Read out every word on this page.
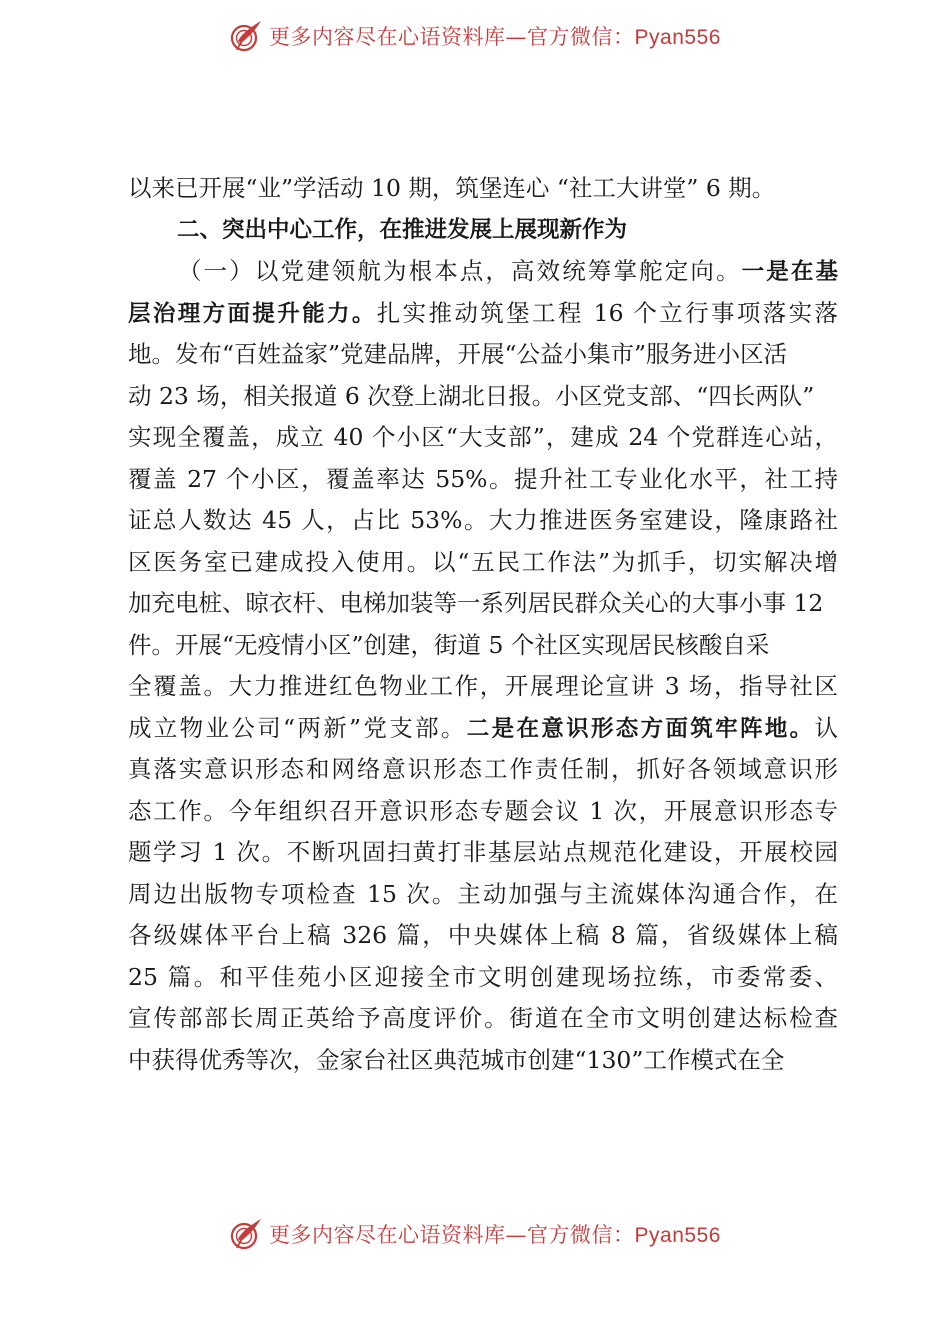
更多内容尽在心语资料库—官方微信：Pyan556
以来已开展“业”学活动 10 期，筑堡连心 “社工大讲堂” 6 期。
二、突出中心工作，在推进发展上展现新作为
（一）以党建领航为根本点，高效统筹掌舵定向。一是在基
层治理方面提升能力。扎实推动筑堡工程 16 个立行事项落实落
地。发布“百姓益家”党建品牌，开展“公益小集市”服务进小区活
动 23 场，相关报道 6 次登上湖北日报。小区党支部、“四长两队”
实现全覆盖，成立 40 个小区“大支部”，建成 24 个党群连心站，
覆盖 27 个小区，覆盖率达 55%。提升社工专业化水平，社工持
证总人数达 45 人，占比 53%。大力推进医务室建设，隆康路社
区医务室已建成投入使用。以“五民工作法”为抓手，切实解决增
加充电桩、晾衣杆、电梯加装等一系列居民群众关心的大事小事 12
件。开展“无疫情小区”创建，街道 5 个社区实现居民核酸自采
全覆盖。大力推进红色物业工作，开展理论宣讲 3 场，指导社区
成立物业公司“两新”党支部。二是在意识形态方面筑牢阵地。认
真落实意识形态和网络意识形态工作责任制，抓好各领域意识形
态工作。今年组织召开意识形态专题会议 1 次，开展意识形态专
题学习 1 次。不断巩固扫黄打非基层站点规范化建设，开展校园
周边出版物专项检查 15 次。主动加强与主流媒体沟通合作，在
各级媒体平台上稿 326 篇，中央媒体上稿 8 篇，省级媒体上稿
25 篇。和平佳苑小区迎接全市文明创建现场拉练，市委常委、
宣传部部长周正英给予高度评价。街道在全市文明创建达标检查
中获得优秀等次，金家台社区典范城市创建“130”工作模式在全
更多内容尽在心语资料库—官方微信：Pyan556
